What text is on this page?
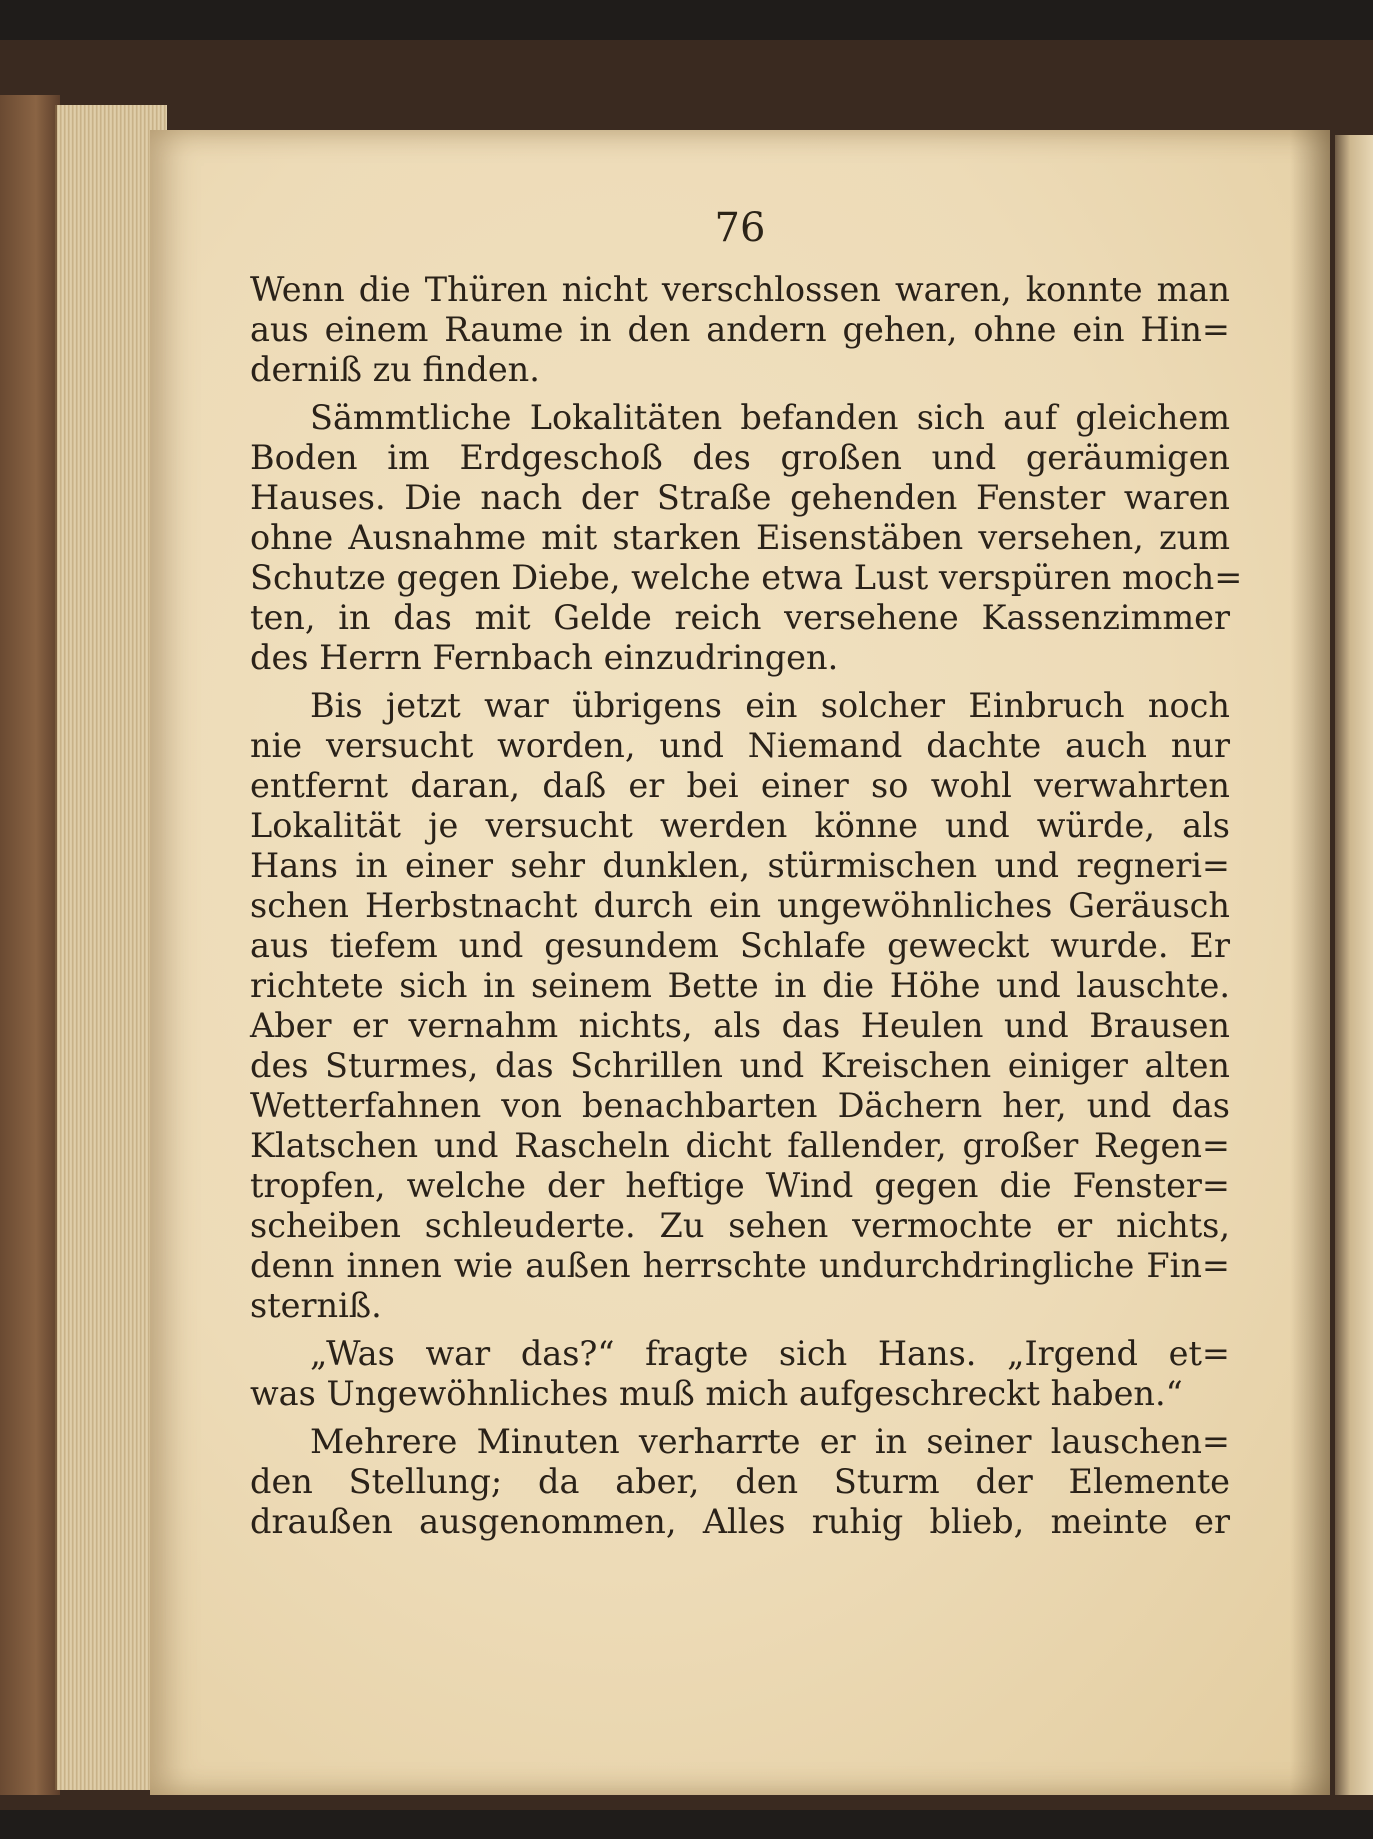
76
Wenn die Thüren nicht verschlossen waren, konnte man
aus einem Raume in den andern gehen, ohne ein Hin=
derniß zu finden.
Sämmtliche Lokalitäten befanden sich auf gleichem
Boden im Erdgeschoß des großen und geräumigen
Hauses. Die nach der Straße gehenden Fenster waren
ohne Ausnahme mit starken Eisenstäben versehen, zum
Schutze gegen Diebe, welche etwa Lust verspüren moch=
ten, in das mit Gelde reich versehene Kassenzimmer
des Herrn Fernbach einzudringen.
Bis jetzt war übrigens ein solcher Einbruch noch
nie versucht worden, und Niemand dachte auch nur
entfernt daran, daß er bei einer so wohl verwahrten
Lokalität je versucht werden könne und würde, als
Hans in einer sehr dunklen, stürmischen und regneri=
schen Herbstnacht durch ein ungewöhnliches Geräusch
aus tiefem und gesundem Schlafe geweckt wurde. Er
richtete sich in seinem Bette in die Höhe und lauschte.
Aber er vernahm nichts, als das Heulen und Brausen
des Sturmes, das Schrillen und Kreischen einiger alten
Wetterfahnen von benachbarten Dächern her, und das
Klatschen und Rascheln dicht fallender, großer Regen=
tropfen, welche der heftige Wind gegen die Fenster=
scheiben schleuderte. Zu sehen vermochte er nichts,
denn innen wie außen herrschte undurchdringliche Fin=
sterniß.
„Was war das?“ fragte sich Hans. „Irgend et=
was Ungewöhnliches muß mich aufgeschreckt haben.“
Mehrere Minuten verharrte er in seiner lauschen=
den Stellung; da aber, den Sturm der Elemente
draußen ausgenommen, Alles ruhig blieb, meinte er
